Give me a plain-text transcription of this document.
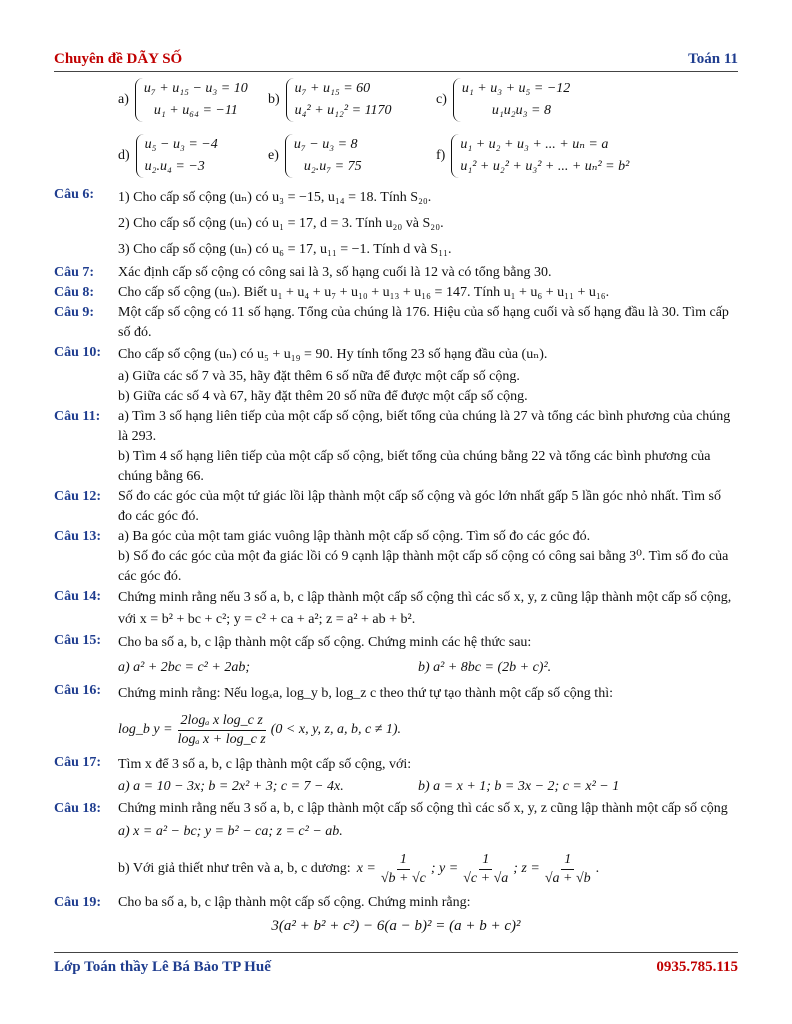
Chuyên đề DÃY SỐ	Toán 11
a)
u₇ + u₁₅ − u₃ = 10
u₁ + u₆₄ = −11
b)
u₇ + u₁₅ = 60
u₄² + u₁₂² = 1170
c)
u₁ + u₃ + u₅ = −12
u₁u₂u₃ = 8
d)
u₅ − u₃ = −4
u₂.u₄ = −3
e)
u₇ − u₃ = 8
u₂.u₇ = 75
f)
u₁ + u₂ + u₃ + ... + uₙ = a
u₁² + u₂² + u₃² + ... + uₙ² = b²
Câu 6: 1) Cho cấp số cộng (uₙ) có u₃ = −15, u₁₄ = 18. Tính S₂₀.
2) Cho cấp số cộng (uₙ) có u₁ = 17, d = 3. Tính u₂₀ và S₂₀.
3) Cho cấp số cộng (uₙ) có u₆ = 17, u₁₁ = −1. Tính d và S₁₁.
Câu 7: Xác định cấp số cộng có công sai là 3, số hạng cuối là 12 và có tổng bằng 30.
Câu 8: Cho cấp số cộng (uₙ). Biết u₁ + u₄ + u₇ + u₁₀ + u₁₃ + u₁₆ = 147. Tính u₁ + u₆ + u₁₁ + u₁₆.
Câu 9: Một cấp số cộng có 11 số hạng. Tổng của chúng là 176. Hiệu của số hạng cuối và số hạng đầu là 30. Tìm cấp số đó.
Câu 10: Cho cấp số cộng (uₙ) có u₅ + u₁₉ = 90. Hy tính tổng 23 số hạng đầu của (uₙ).
a) Giữa các số 7 và 35, hãy đặt thêm 6 số nữa để được một cấp số cộng.
b) Giữa các số 4 và 67, hãy đặt thêm 20 số nữa để được một cấp số cộng.
Câu 11: a) Tìm 3 số hạng liên tiếp của một cấp số cộng, biết tổng của chúng là 27 và tổng các bình phương của chúng là 293.
b) Tìm 4 số hạng liên tiếp của một cấp số cộng, biết tổng của chúng bằng 22 và tổng các bình phương của chúng bằng 66.
Câu 12: Số đo các góc của một tứ giác lồi lập thành một cấp số cộng và góc lớn nhất gấp 5 lần góc nhỏ nhất. Tìm số đo các góc đó.
Câu 13: a) Ba góc của một tam giác vuông lập thành một cấp số cộng. Tìm số đo các góc đó.
b) Số đo các góc của một đa giác lồi có 9 cạnh lập thành một cấp số cộng có công sai bằng 3⁰. Tìm số đo của các góc đó.
Câu 14: Chứng minh rằng nếu 3 số a, b, c lập thành một cấp số cộng thì các số x, y, z cũng lập thành một cấp số cộng, với x = b² + bc + c²; y = c² + ca + a²; z = a² + ab + b².
Câu 15: Cho ba số a, b, c lập thành một cấp số cộng. Chứng minh các hệ thức sau:
a) a² + 2bc = c² + 2ab;	b) a² + 8bc = (2b + c)².
Câu 16: Chứng minh rằng: Nếu logₓa, log_y b, log_z c theo thứ tự tạo thành một cấp số cộng thì:
log_b $y = \frac{\text{2logₐ x log\_c z}}{\text{logₐ x + log\_c z}} (0 < x$, y, z, a, b, c ≠ 1).
Câu 17: Tìm x để 3 số a, b, c lập thành một cấp số cộng, với:
a) a = 10 − 3x; b = 2x² + 3; c = 7 − 4x.	b) a = x + 1; b = 3x − 2; c = x² − 1
Câu 18: Chứng minh rằng nếu 3 số a, b, c lập thành một cấp số cộng thì các số x, y, z cũng lập thành một cấp số cộng
a) x = a² − bc; y = b² − ca; z = c² − ab.
b) Với giả thiết như trên và a, b, c dương: $x = \frac{1}{√b + √c}$ ; $y = \frac{1}{√c + √a}$ ; $z = \frac{1}{√a + √b}$ .
Câu 19: Cho ba số a, b, c lập thành một cấp số cộng. Chứng minh rằng:
3(a² + b² + c²) − 6(a − b)² = (a + b + c)²
Lớp Toán thầy Lê Bá Bảo TP Huế	0935.785.115
